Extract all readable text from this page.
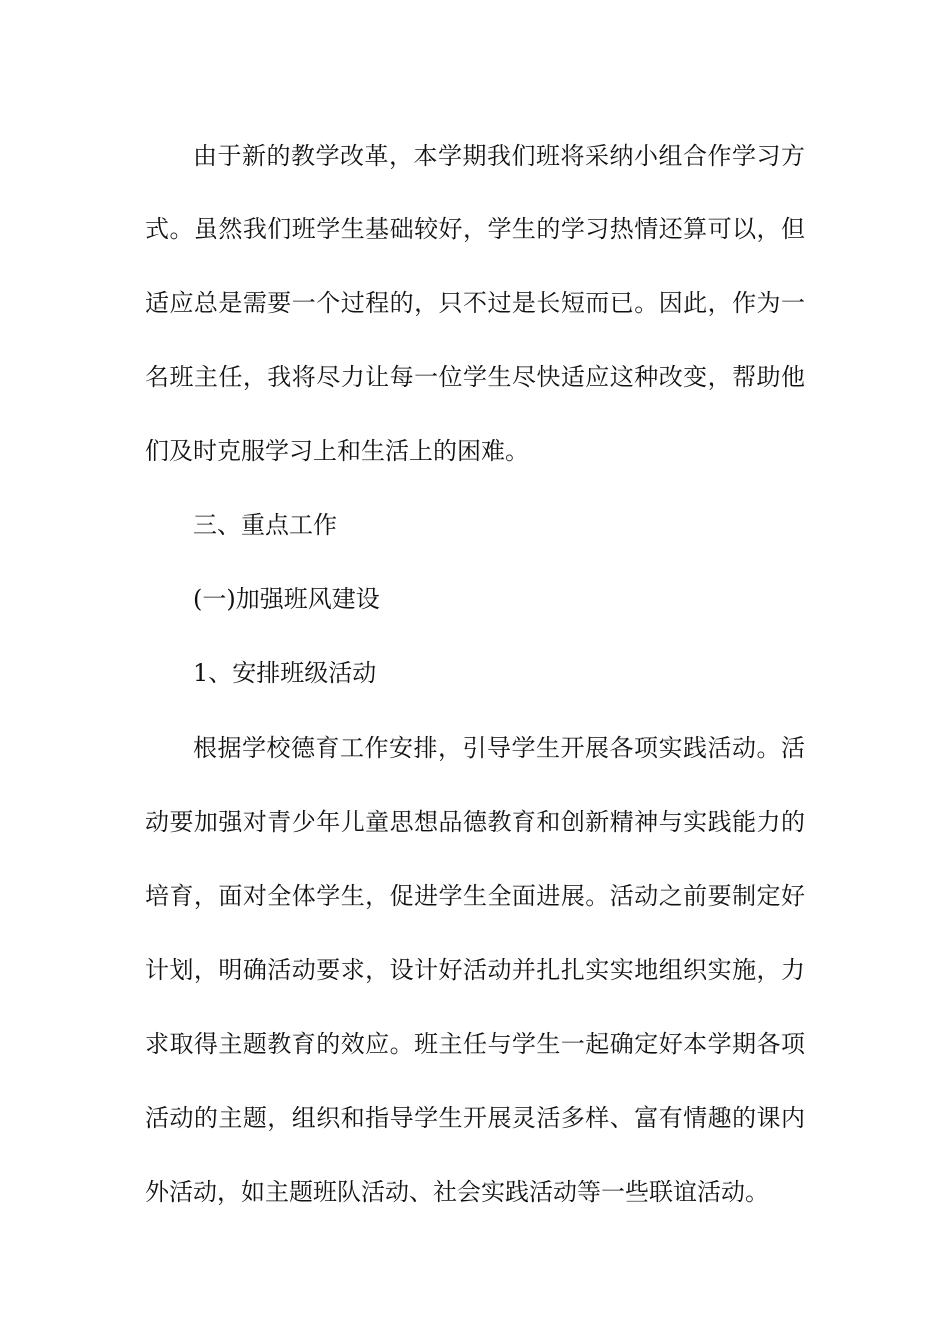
由于新的教学改革，本学期我们班将采纳小组合作学习方
式。虽然我们班学生基础较好，学生的学习热情还算可以，但
适应总是需要一个过程的，只不过是长短而已。因此，作为一
名班主任，我将尽力让每一位学生尽快适应这种改变，帮助他
们及时克服学习上和生活上的困难。
三、重点工作
(一)加强班风建设
1、安排班级活动
根据学校德育工作安排，引导学生开展各项实践活动。活
动要加强对青少年儿童思想品德教育和创新精神与实践能力的
培育，面对全体学生，促进学生全面进展。活动之前要制定好
计划，明确活动要求，设计好活动并扎扎实实地组织实施，力
求取得主题教育的效应。班主任与学生一起确定好本学期各项
活动的主题，组织和指导学生开展灵活多样、富有情趣的课内
外活动，如主题班队活动、社会实践活动等一些联谊活动。
